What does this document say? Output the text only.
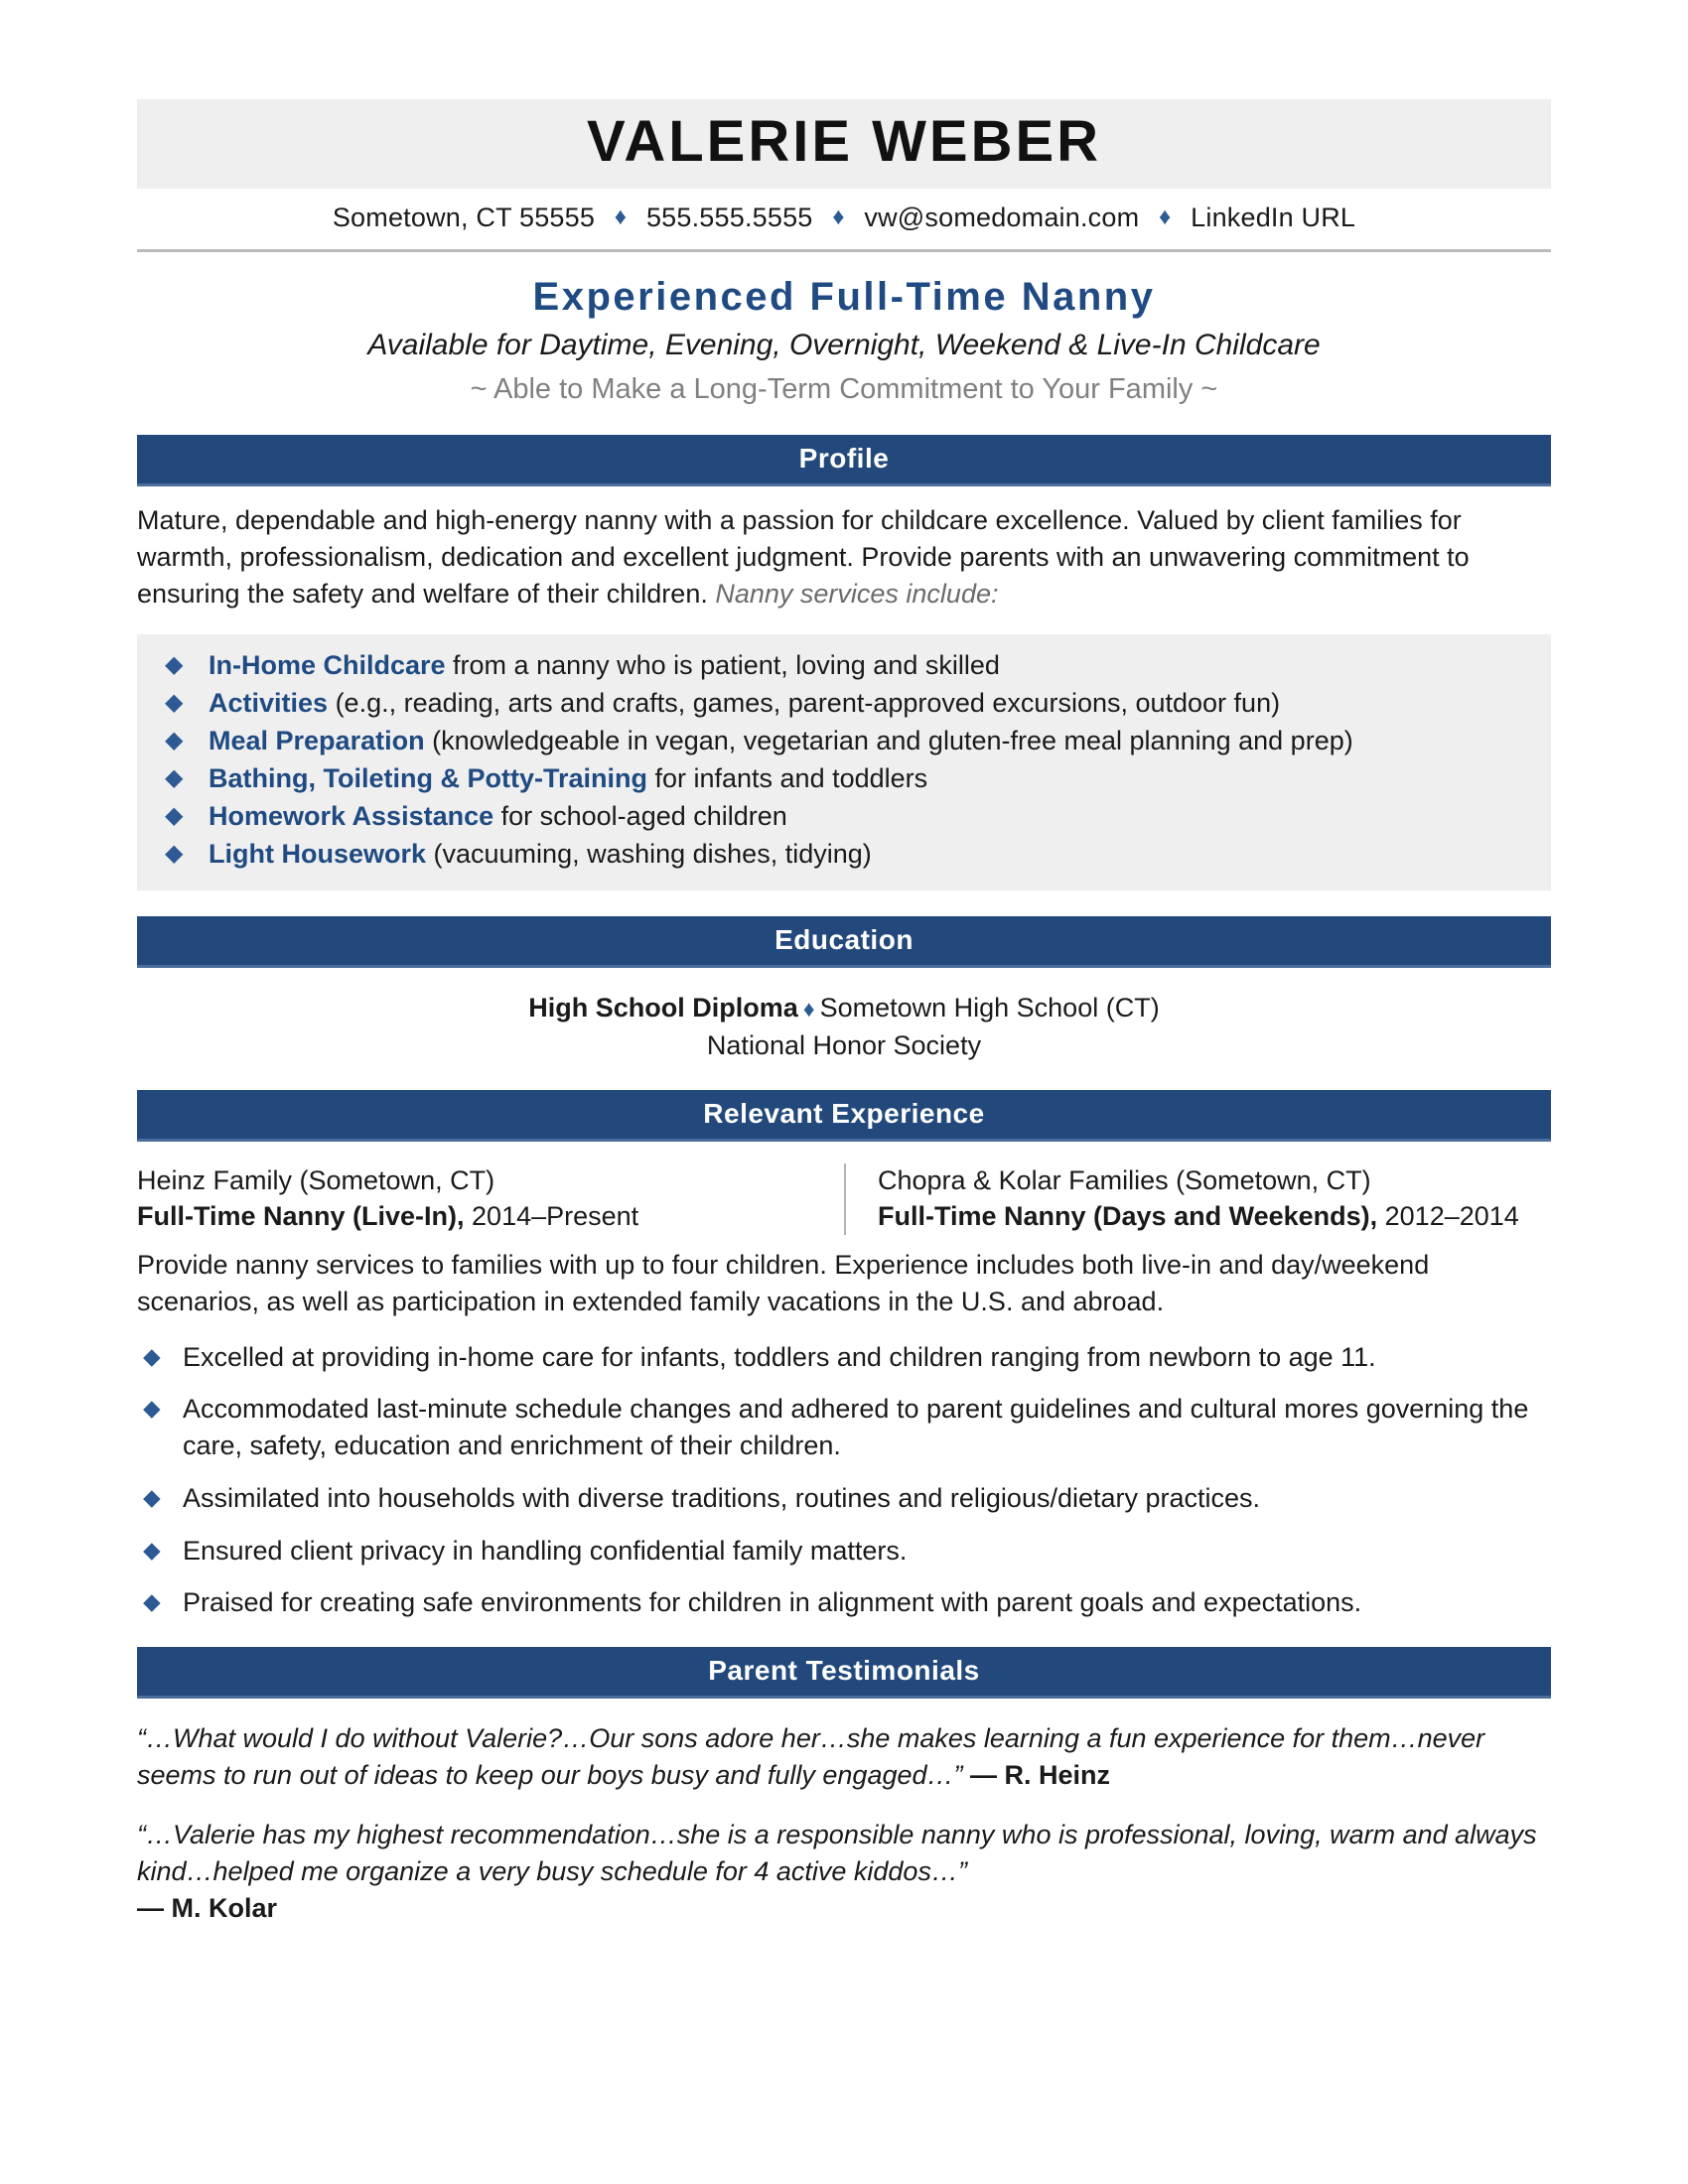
VALERIE WEBER
Sometown, CT 55555 ♦ 555.555.5555 ♦ vw@somedomain.com ♦ LinkedIn URL
Experienced Full-Time Nanny
Available for Daytime, Evening, Overnight, Weekend & Live-In Childcare
~ Able to Make a Long-Term Commitment to Your Family ~
Profile
Mature, dependable and high-energy nanny with a passion for childcare excellence. Valued by client families for warmth, professionalism, dedication and excellent judgment. Provide parents with an unwavering commitment to ensuring the safety and welfare of their children. Nanny services include:
◆ In-Home Childcare from a nanny who is patient, loving and skilled
◆ Activities (e.g., reading, arts and crafts, games, parent-approved excursions, outdoor fun)
◆ Meal Preparation (knowledgeable in vegan, vegetarian and gluten-free meal planning and prep)
◆ Bathing, Toileting & Potty-Training for infants and toddlers
◆ Homework Assistance for school-aged children
◆ Light Housework (vacuuming, washing dishes, tidying)
Education
High School Diploma ♦ Sometown High School (CT)
National Honor Society
Relevant Experience
Heinz Family (Sometown, CT)
Full-Time Nanny (Live-In), 2014–Present
Chopra & Kolar Families (Sometown, CT)
Full-Time Nanny (Days and Weekends), 2012–2014
Provide nanny services to families with up to four children. Experience includes both live-in and day/weekend scenarios, as well as participation in extended family vacations in the U.S. and abroad.
◆ Excelled at providing in-home care for infants, toddlers and children ranging from newborn to age 11.
◆ Accommodated last-minute schedule changes and adhered to parent guidelines and cultural mores governing the care, safety, education and enrichment of their children.
◆ Assimilated into households with diverse traditions, routines and religious/dietary practices.
◆ Ensured client privacy in handling confidential family matters.
◆ Praised for creating safe environments for children in alignment with parent goals and expectations.
Parent Testimonials
“…What would I do without Valerie?…Our sons adore her…she makes learning a fun experience for them…never seems to run out of ideas to keep our boys busy and fully engaged…” — R. Heinz
“…Valerie has my highest recommendation…she is a responsible nanny who is professional, loving, warm and always kind…helped me organize a very busy schedule for 4 active kiddos…”
— M. Kolar
